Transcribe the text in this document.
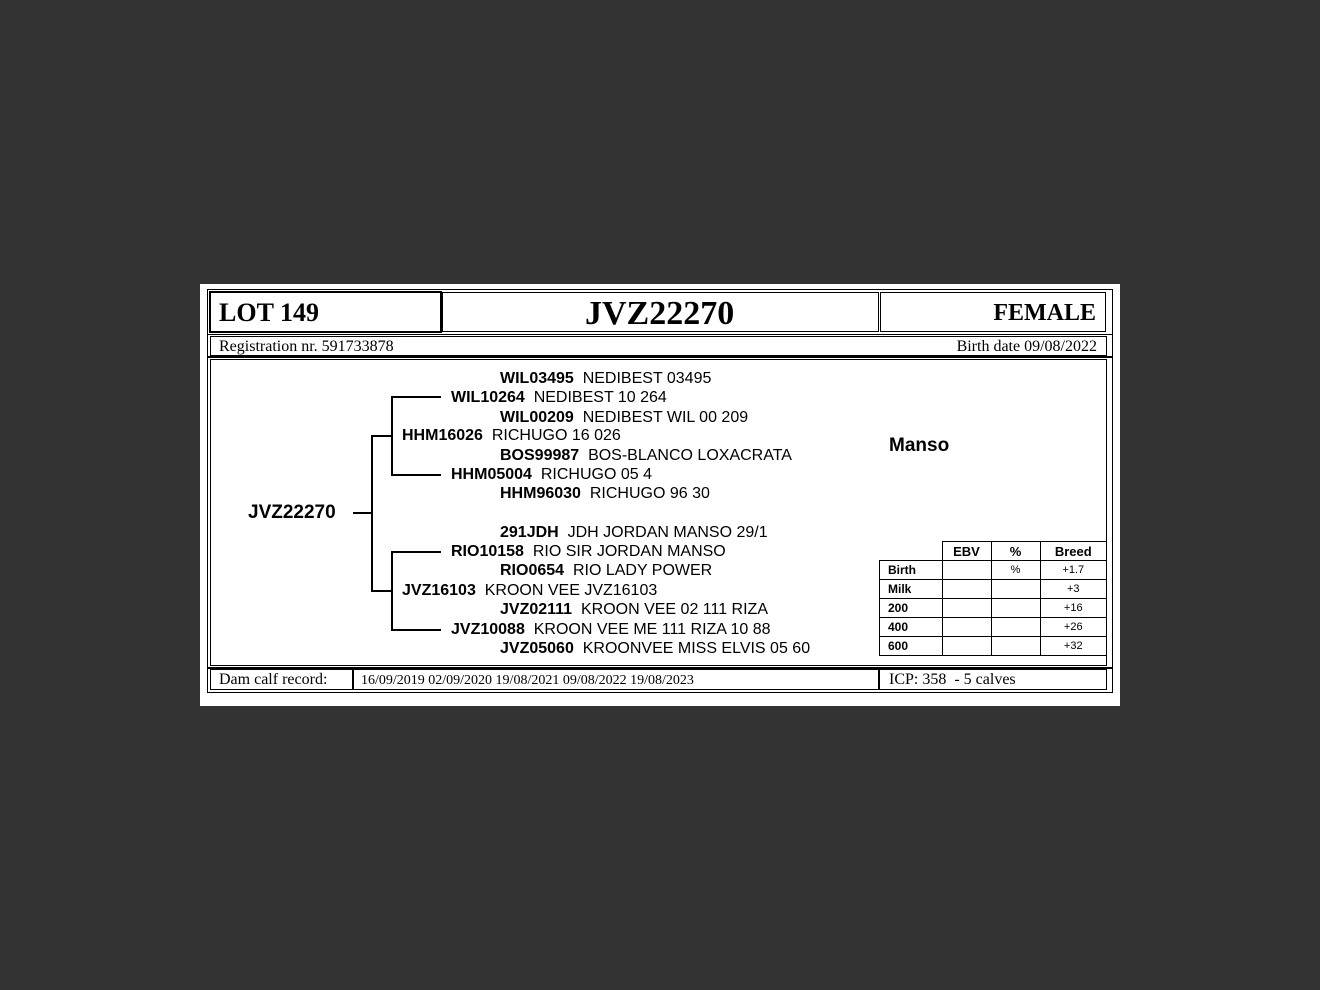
LOT 149	JVZ22270	FEMALE
Registration nr. 591733878	Birth date 09/08/2022
JVZ22270
WIL03495 NEDIBEST 03495
WIL10264 NEDIBEST 10 264
WIL00209 NEDIBEST WIL 00 209
HHM16026 RICHUGO 16 026
BOS99987 BOS-BLANCO LOXACRATA
HHM05004 RICHUGO 05 4
HHM96030 RICHUGO 96 30
291JDH JDH JORDAN MANSO 29/1
RIO10158 RIO SIR JORDAN MANSO
RIO0654 RIO LADY POWER
JVZ16103 KROON VEE JVZ16103
JVZ02111 KROON VEE 02 111 RIZA
JVZ10088 KROON VEE ME 111 RIZA 10 88
JVZ05060 KROONVEE MISS ELVIS 05 60
Manso
	EBV	%	Breed
Birth		%	+1.7
Milk			+3
200			+16
400			+26
600			+32
Dam calf record: 16/09/2019 02/09/2020 19/08/2021 09/08/2022 19/08/2023	ICP: 358  - 5 calves
